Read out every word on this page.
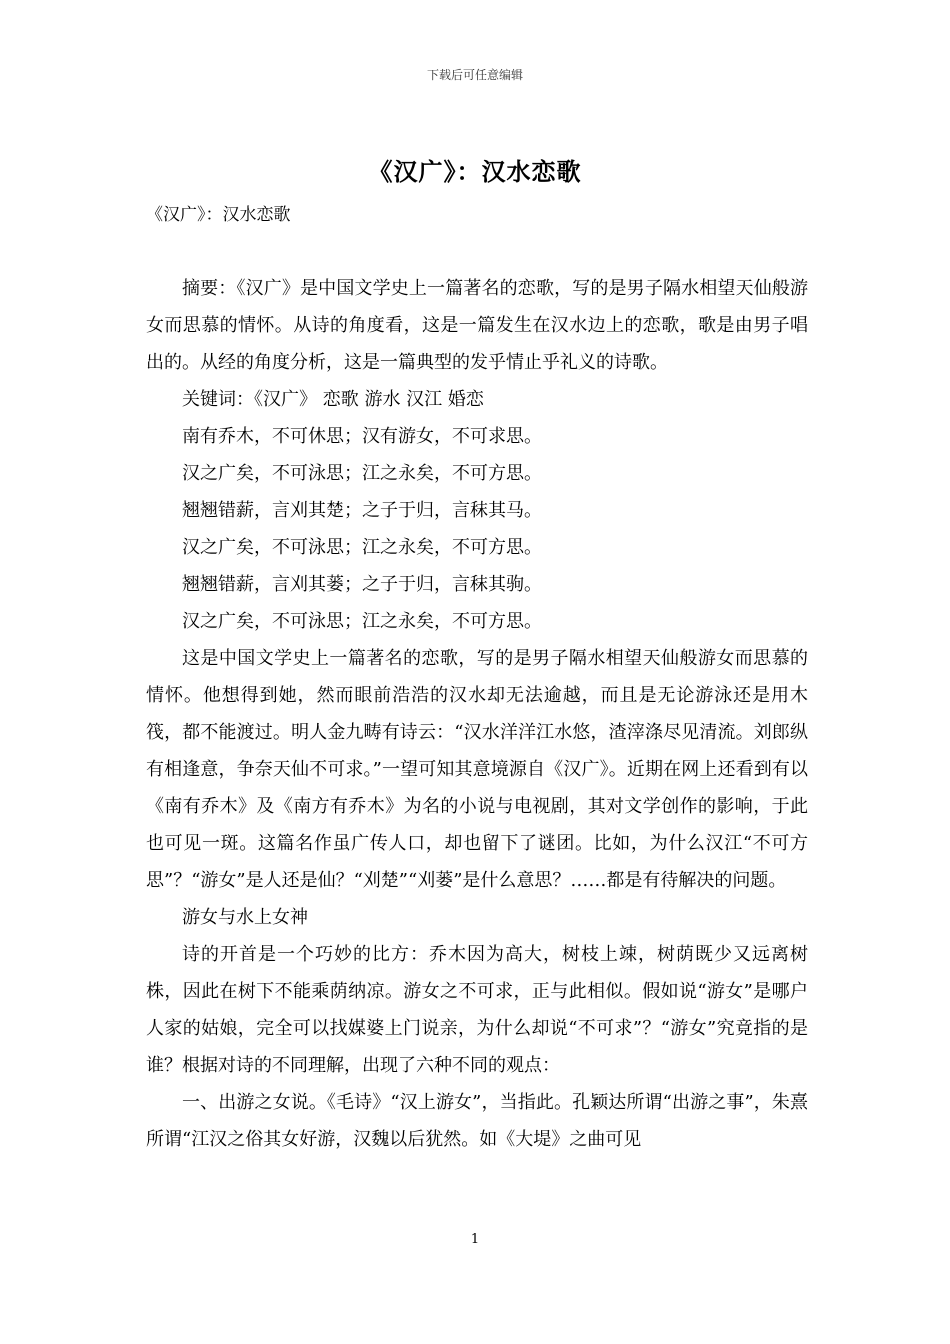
下载后可任意编辑
《汉广》：汉水恋歌
《汉广》：汉水恋歌

摘要：《汉广》是中国文学史上一篇著名的恋歌，写的是男子隔水相望天仙般游女而思慕的情怀。从诗的角度看，这是一篇发生在汉水边上的恋歌，歌是由男子唱出的。从经的角度分析，这是一篇典型的发乎情止乎礼义的诗歌。

关键词：《汉广》 恋歌 游水 汉江 婚恋

南有乔木，不可休思；汉有游女，不可求思。

汉之广矣，不可泳思；江之永矣，不可方思。

翘翘错薪，言刈其楚；之子于归，言秣其马。

汉之广矣，不可泳思；江之永矣，不可方思。

翘翘错薪，言刈其蒌；之子于归，言秣其驹。

汉之广矣，不可泳思；江之永矣，不可方思。

这是中国文学史上一篇著名的恋歌，写的是男子隔水相望天仙般游女而思慕的情怀。他想得到她，然而眼前浩浩的汉水却无法逾越，而且是无论游泳还是用木筏，都不能渡过。明人金九畴有诗云：“汉水洋洋江水悠，渣滓涤尽见清流。刘郎纵有相逢意，争奈天仙不可求。”一望可知其意境源自《汉广》。近期在网上还看到有以《南有乔木》及《南方有乔木》为名的小说与电视剧，其对文学创作的影响，于此也可见一斑。这篇名作虽广传人口，却也留下了谜团。比如，为什么汉江“不可方思”？“游女”是人还是仙？“刈楚”“刈蒌”是什么意思？……都是有待解决的问题。

游女与水上女神

诗的开首是一个巧妙的比方：乔木因为高大，树枝上竦，树荫既少又远离树株，因此在树下不能乘荫纳凉。游女之不可求，正与此相似。假如说“游女”是哪户人家的姑娘，完全可以找媒婆上门说亲，为什么却说“不可求”？“游女”究竟指的是谁？根据对诗的不同理解，出现了六种不同的观点：

一、出游之女说。《毛诗》“汉上游女”，当指此。孔颖达所谓“出游之事”，朱熹所谓“江汉之俗其女好游，汉魏以后犹然。如《大堤》之曲可见

1
